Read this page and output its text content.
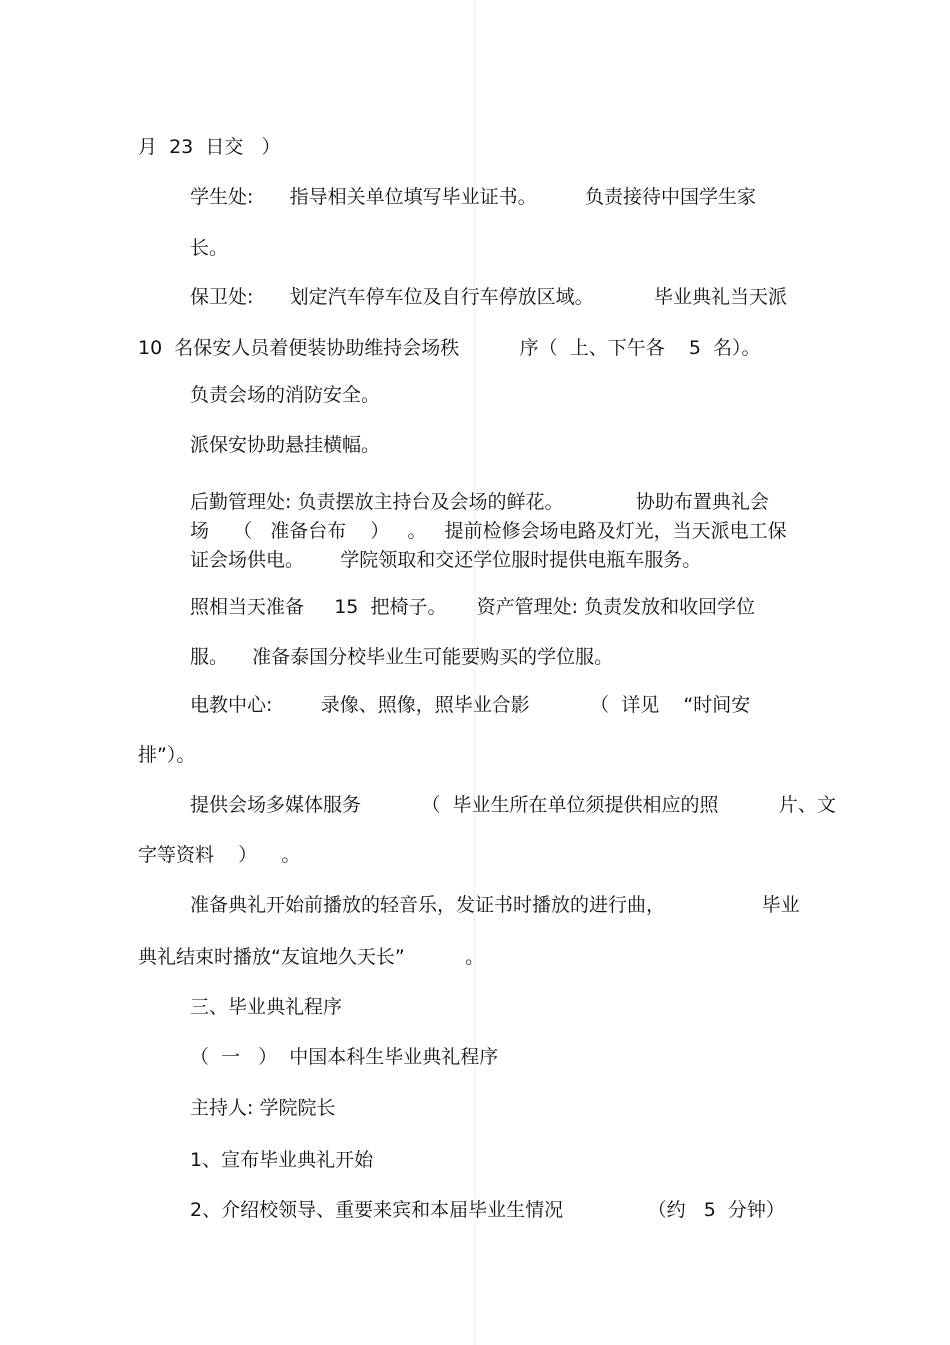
月  23  日交   ）
学生处:      指导相关单位填写毕业证书。        负责接待中国学生家
长。
保卫处:      划定汽车停车位及自行车停放区域。          毕业典礼当天派
10  名保安人员着便装协助维持会场秩          序（  上、下午各    5  名）。
负责会场的消防安全。
派保安协助悬挂横幅。
后勤管理处: 负责摆放主持台及会场的鲜花。            协助布置典礼会
场    （   准备台布    ）   。   提前检修会场电路及灯光，当天派电工保
证会场供电。      学院领取和交还学位服时提供电瓶车服务。
照相当天准备     15  把椅子。     资产管理处: 负责发放和收回学位
服。    准备泰国分校毕业生可能要购买的学位服。
电教中心:        录像、照像，照毕业合影          （  详见    “时间安
排”）。
提供会场多媒体服务          （  毕业生所在单位须提供相应的照          片、文
字等资料    ）    。
准备典礼开始前播放的轻音乐，发证书时播放的进行曲，                毕业
典礼结束时播放“友谊地久天长”          。
三、毕业典礼程序
（  一   ）  中国本科生毕业典礼程序
主持人: 学院院长
1、宣布毕业典礼开始
2、介绍校领导、重要来宾和本届毕业生情况              （约   5  分钟）
